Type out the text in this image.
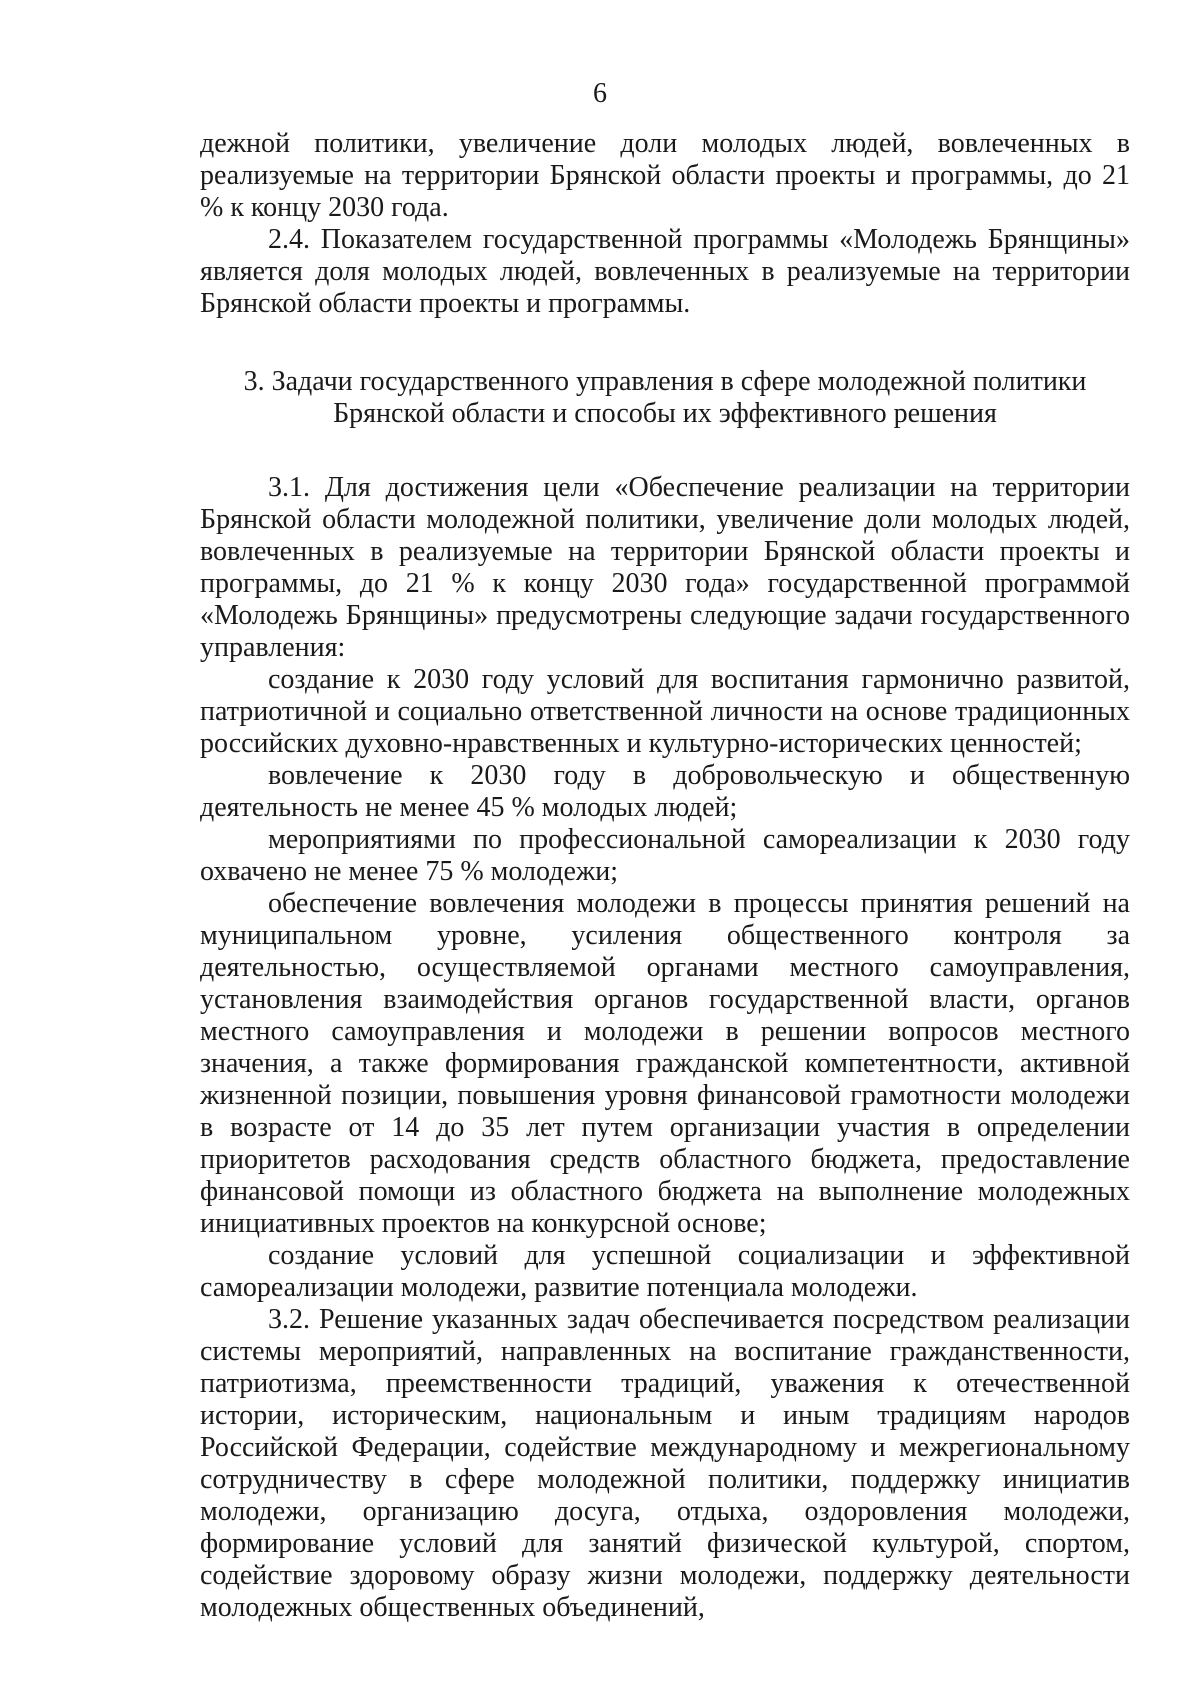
6

дежной политики, увеличение доли молодых людей, вовлеченных в реализуемые на территории Брянской области проекты и программы, до 21 % к концу 2030 года.

2.4. Показателем государственной программы «Молодежь Брянщины» является доля молодых людей, вовлеченных в реализуемые на территории Брянской области проекты и программы.

3. Задачи государственного управления в сфере молодежной политики
Брянской области и способы их эффективного решения

3.1. Для достижения цели «Обеспечение реализации на территории Брянской области молодежной политики, увеличение доли молодых людей, вовлеченных в реализуемые на территории Брянской области проекты и программы, до 21 % к концу 2030 года» государственной программой «Молодежь Брянщины» предусмотрены следующие задачи государственного управления:

создание к 2030 году условий для воспитания гармонично развитой, патриотичной и социально ответственной личности на основе традиционных российских духовно-нравственных и культурно-исторических ценностей;

вовлечение к 2030 году в добровольческую и общественную деятельность не менее 45 % молодых людей;

мероприятиями по профессиональной самореализации к 2030 году охвачено не менее 75 % молодежи;

обеспечение вовлечения молодежи в процессы принятия решений на муниципальном уровне, усиления общественного контроля за деятельностью, осуществляемой органами местного самоуправления, установления взаимодействия органов государственной власти, органов местного самоуправления и молодежи в решении вопросов местного значения, а также формирования гражданской компетентности, активной жизненной позиции, повышения уровня финансовой грамотности молодежи в возрасте от 14 до 35 лет путем организации участия в определении приоритетов расходования средств областного бюджета, предоставление финансовой помощи из областного бюджета на выполнение молодежных инициативных проектов на конкурсной основе;

создание условий для успешной социализации и эффективной самореализации молодежи, развитие потенциала молодежи.

3.2. Решение указанных задач обеспечивается посредством реализации системы мероприятий, направленных на воспитание гражданственности, патриотизма, преемственности традиций, уважения к отечественной истории, историческим, национальным и иным традициям народов Российской Федерации, содействие международному и межрегиональному сотрудничеству в сфере молодежной политики, поддержку инициатив молодежи, организацию досуга, отдыха, оздоровления молодежи, формирование условий для занятий физической культурой, спортом, содействие здоровому образу жизни молодежи, поддержку деятельности молодежных общественных объединений,
